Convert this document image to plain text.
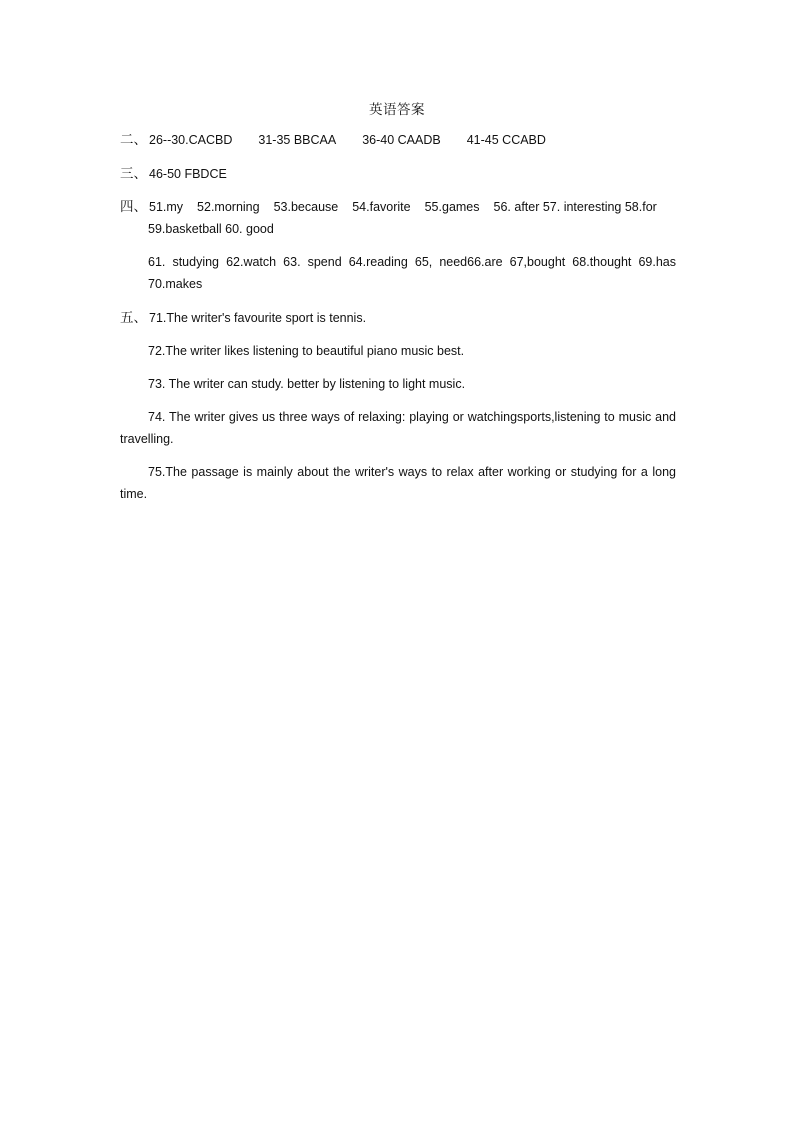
英语答案
二、 26--30.CACBD 31-35 BBCAA 36-40 CAADB 41-45 CCABD
三、 46-50 FBDCE
四、 51.my 52.morning 53.because 54.favorite 55.games 56. after 57. interesting 58.for
59.basketball 60. good
61. studying 62.watch 63. spend 64.reading 65, need66.are 67,bought 68.thought 69.has
70.makes
五、 71.The writer's favourite sport is tennis.
72.The writer likes listening to beautiful piano music best.
73. The writer can study. better by listening to light music.
74. The writer gives us three ways of relaxing: playing or watchingsports,listening to music and travelling.
75.The passage is mainly about the writer's ways to relax after working or studying for a long time.
